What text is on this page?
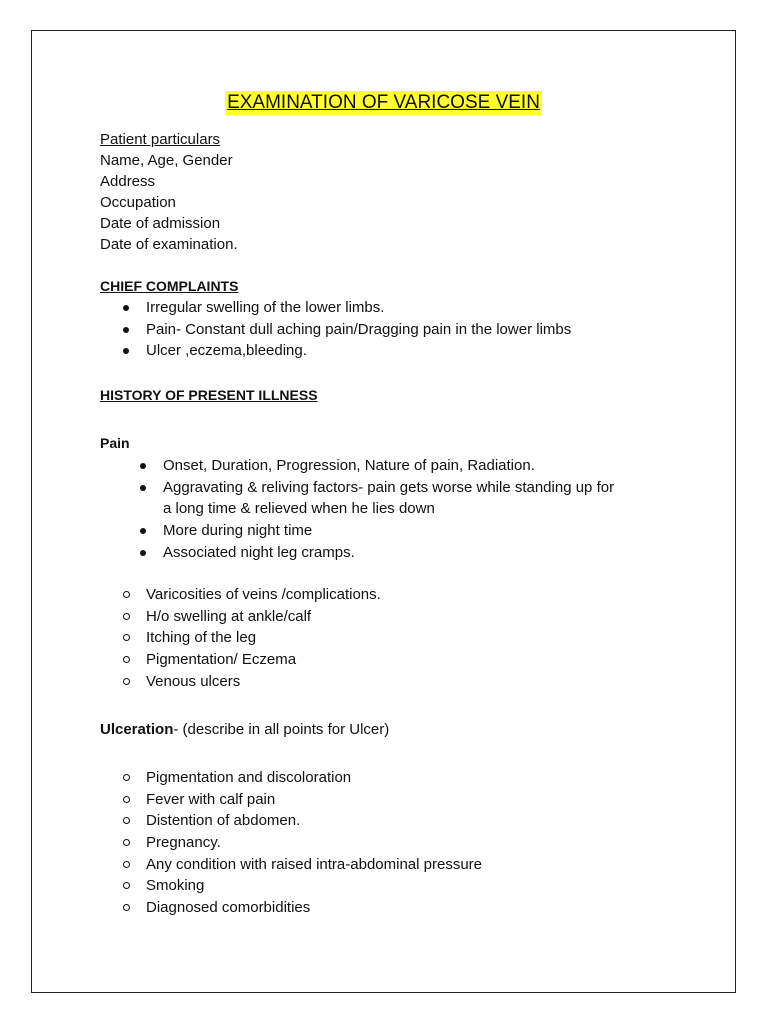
EXAMINATION OF VARICOSE VEIN
Patient particulars
Name, Age, Gender
Address
Occupation
Date of admission
Date of examination.
CHIEF COMPLAINTS
Irregular swelling of the lower limbs.
Pain- Constant dull aching pain/Dragging pain in the lower limbs
Ulcer ,eczema,bleeding.
HISTORY OF PRESENT ILLNESS
Pain
Onset, Duration, Progression, Nature of pain, Radiation.
Aggravating & reliving factors- pain gets worse while standing up for
a long time & relieved when he lies down
More during night time
Associated night leg cramps.
Varicosities of veins /complications.
H/o swelling at ankle/calf
Itching of the leg
Pigmentation/ Eczema
Venous ulcers
Ulceration- (describe in all points for Ulcer)
Pigmentation and discoloration
Fever with calf pain
Distention of abdomen.
Pregnancy.
Any condition with raised intra-abdominal pressure
Smoking
Diagnosed comorbidities
